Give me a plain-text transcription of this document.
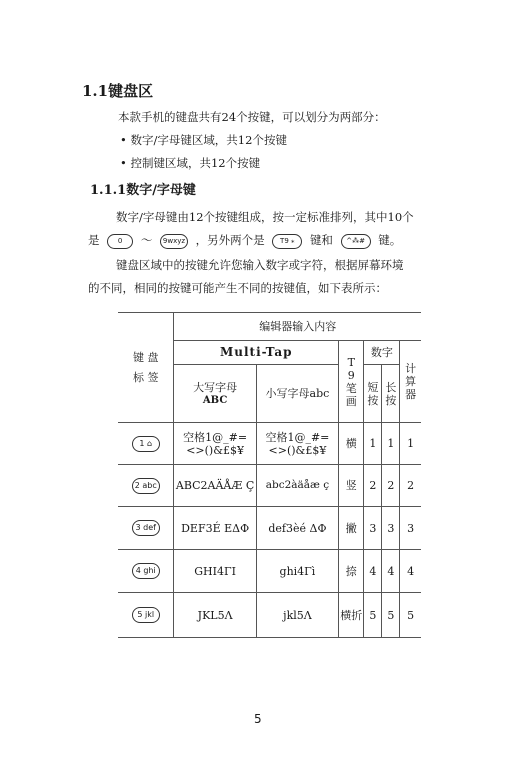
1.1键盘区
本款手机的键盘共有24个按键，可以划分为两部分：
• 数字/字母键区域，共12个按键
• 控制键区域，共12个按键
1.1.1数字/字母键
数字/字母键由12个按键组成，按一定标准排列，其中10个
是	0 ～ 9wxyz ，另外两个是 T9 ⁎ 键和 ^⁂# 键。
键盘区域中的按键允许您输入数字或字符，根据屏幕环境
的不同，相同的按键可能产生不同的按键值，如下表所示：
键 盘 标 签	编辑器输入内容					
	Multi-Tap		T9 笔画	数字		计算器

	大写字母
ABC	小写字母abc		短按	长按	

1 ⌂	空格1@_#= <>()&£$¥	空格1@_#= <>()&£$¥	横	1	1	1
2 abc	ABC2AÄÅÆ Ç	abc2àäåæ ç	竖	2	2	2
3 def	DEF3É EΔΦ	def3èé ΔΦ	撇	3	3	3
4 ghi	GHI4ΓI	ghi4Γì	捺	4	4	4
5 jkl	JKL5Λ	jkl5Λ	横折	5	5	5
5
